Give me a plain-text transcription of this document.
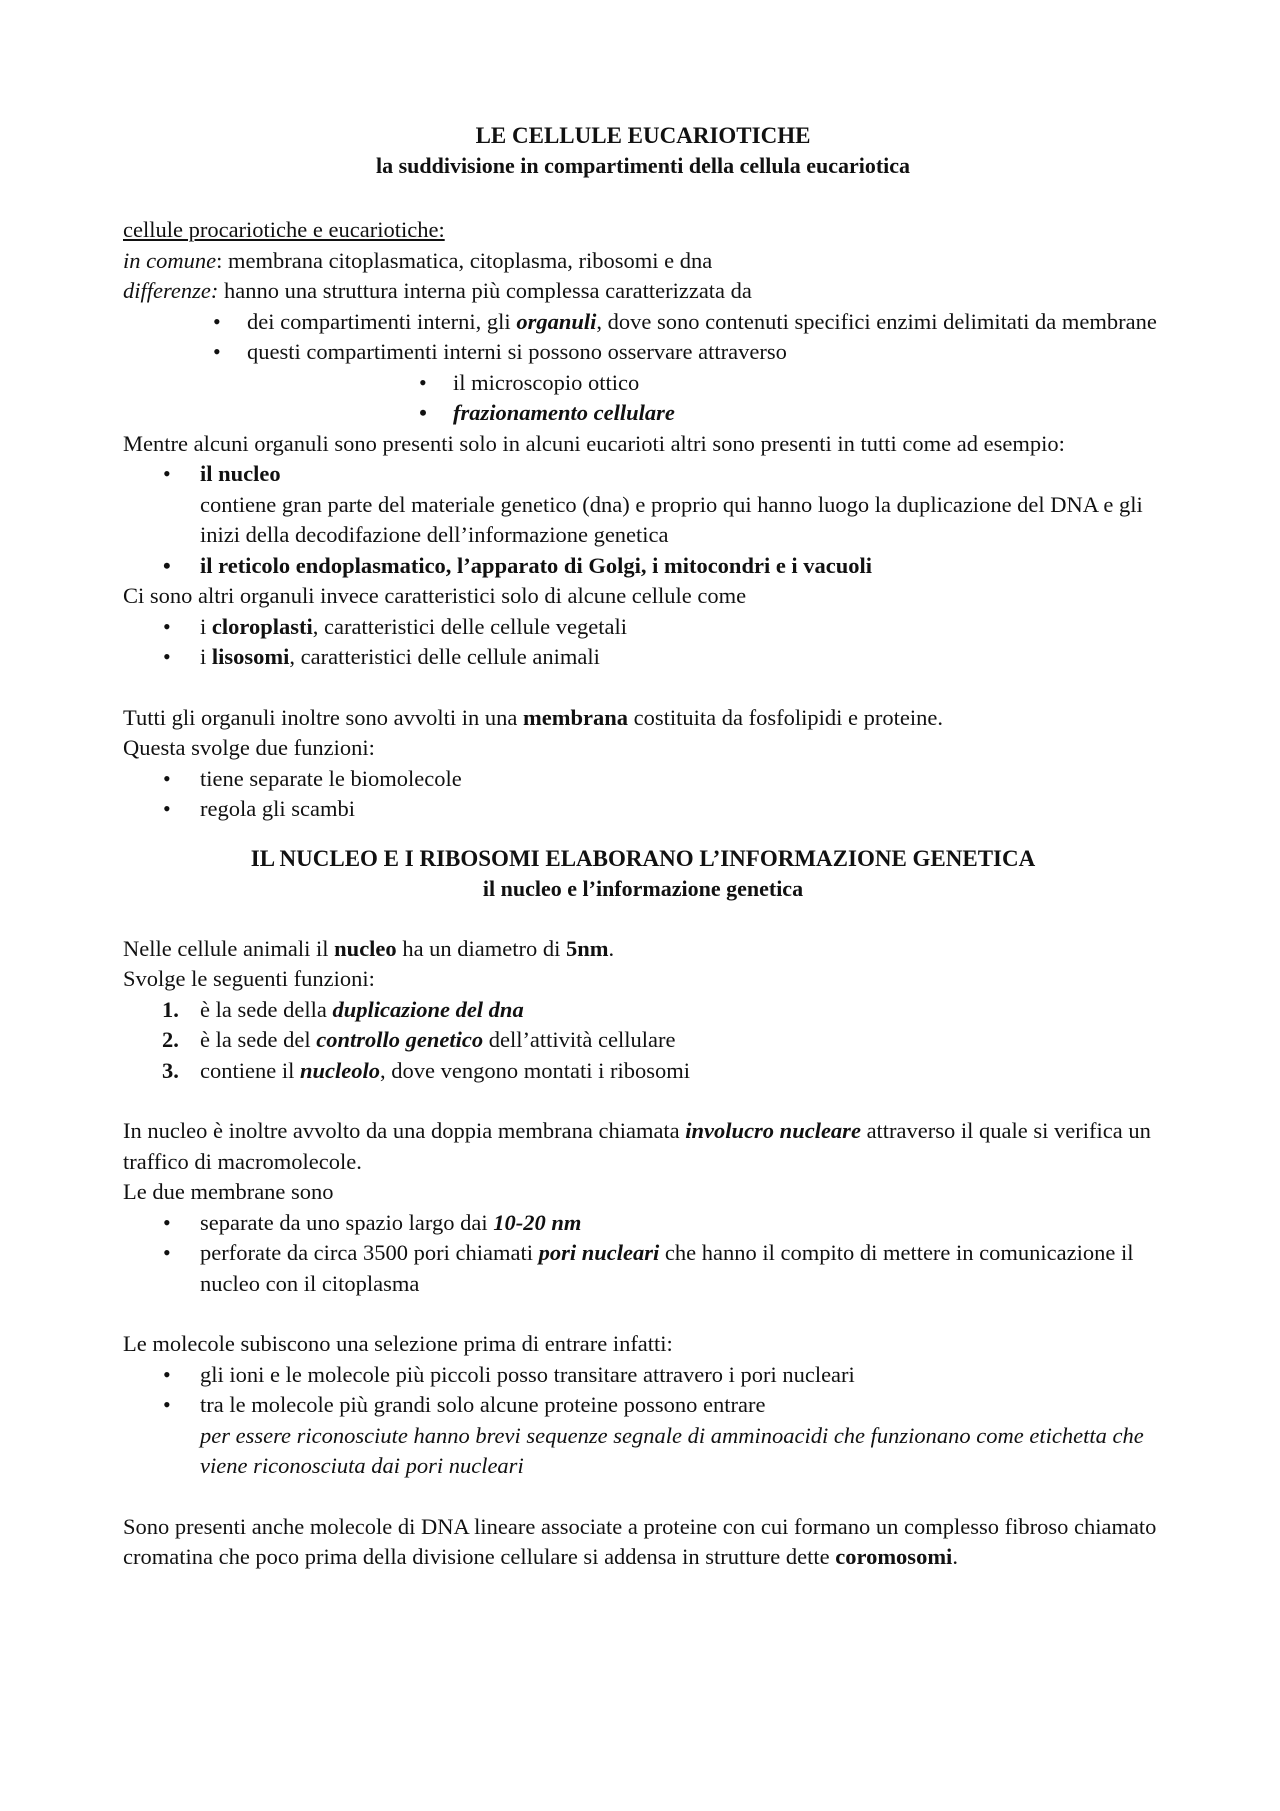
LE CELLULE EUCARIOTICHE
la suddivisione in compartimenti della cellula eucariotica

cellule procariotiche e eucariotiche:

in comune: membrana citoplasmatica, citoplasma, ribosomi e dna

differenze: hanno una struttura interna più complessa caratterizzata da

• dei compartimenti interni, gli organuli, dove sono contenuti specifici enzimi delimitati da membrane
• questi compartimenti interni si possono osservare attraverso
• il microscopio ottico
• frazionamento cellulare

Mentre alcuni organuli sono presenti solo in alcuni eucarioti altri sono presenti in tutti come ad esempio:

• il nucleo
contiene gran parte del materiale genetico (dna) e proprio qui hanno luogo la duplicazione del DNA e gli inizi della decodifazione dell’informazione genetica
• il reticolo endoplasmatico, l’apparato di Golgi, i mitocondri e i vacuoli

Ci sono altri organuli invece caratteristici solo di alcune cellule come

• i cloroplasti, caratteristici delle cellule vegetali
• i lisosomi, caratteristici delle cellule animali

Tutti gli organuli inoltre sono avvolti in una membrana costituita da fosfolipidi e proteine.

Questa svolge due funzioni:

• tiene separate le biomolecole
• regola gli scambi
IL NUCLEO E I RIBOSOMI ELABORANO L’INFORMAZIONE GENETICA
il nucleo e l’informazione genetica

Nelle cellule animali il nucleo ha un diametro di 5nm.

Svolge le seguenti funzioni:

1. è la sede della duplicazione del dna
2. è la sede del controllo genetico dell’attività cellulare
3. contiene il nucleolo, dove vengono montati i ribosomi

In nucleo è inoltre avvolto da una doppia membrana chiamata involucro nucleare attraverso il quale si verifica un traffico di macromolecole.

Le due membrane sono

• separate da uno spazio largo dai 10-20 nm
• perforate da circa 3500 pori chiamati pori nucleari che hanno il compito di mettere in comunicazione il nucleo con il citoplasma

Le molecole subiscono una selezione prima di entrare infatti:

• gli ioni e le molecole più piccoli posso transitare attravero i pori nucleari
• tra le molecole più grandi solo alcune proteine possono entrare
per essere riconosciute hanno brevi sequenze segnale di amminoacidi che funzionano come etichetta che viene riconosciuta dai pori nucleari

Sono presenti anche molecole di DNA lineare associate a proteine con cui formano un complesso fibroso chiamato cromatina che poco prima della divisione cellulare si addensa in strutture dette coromosomi.
